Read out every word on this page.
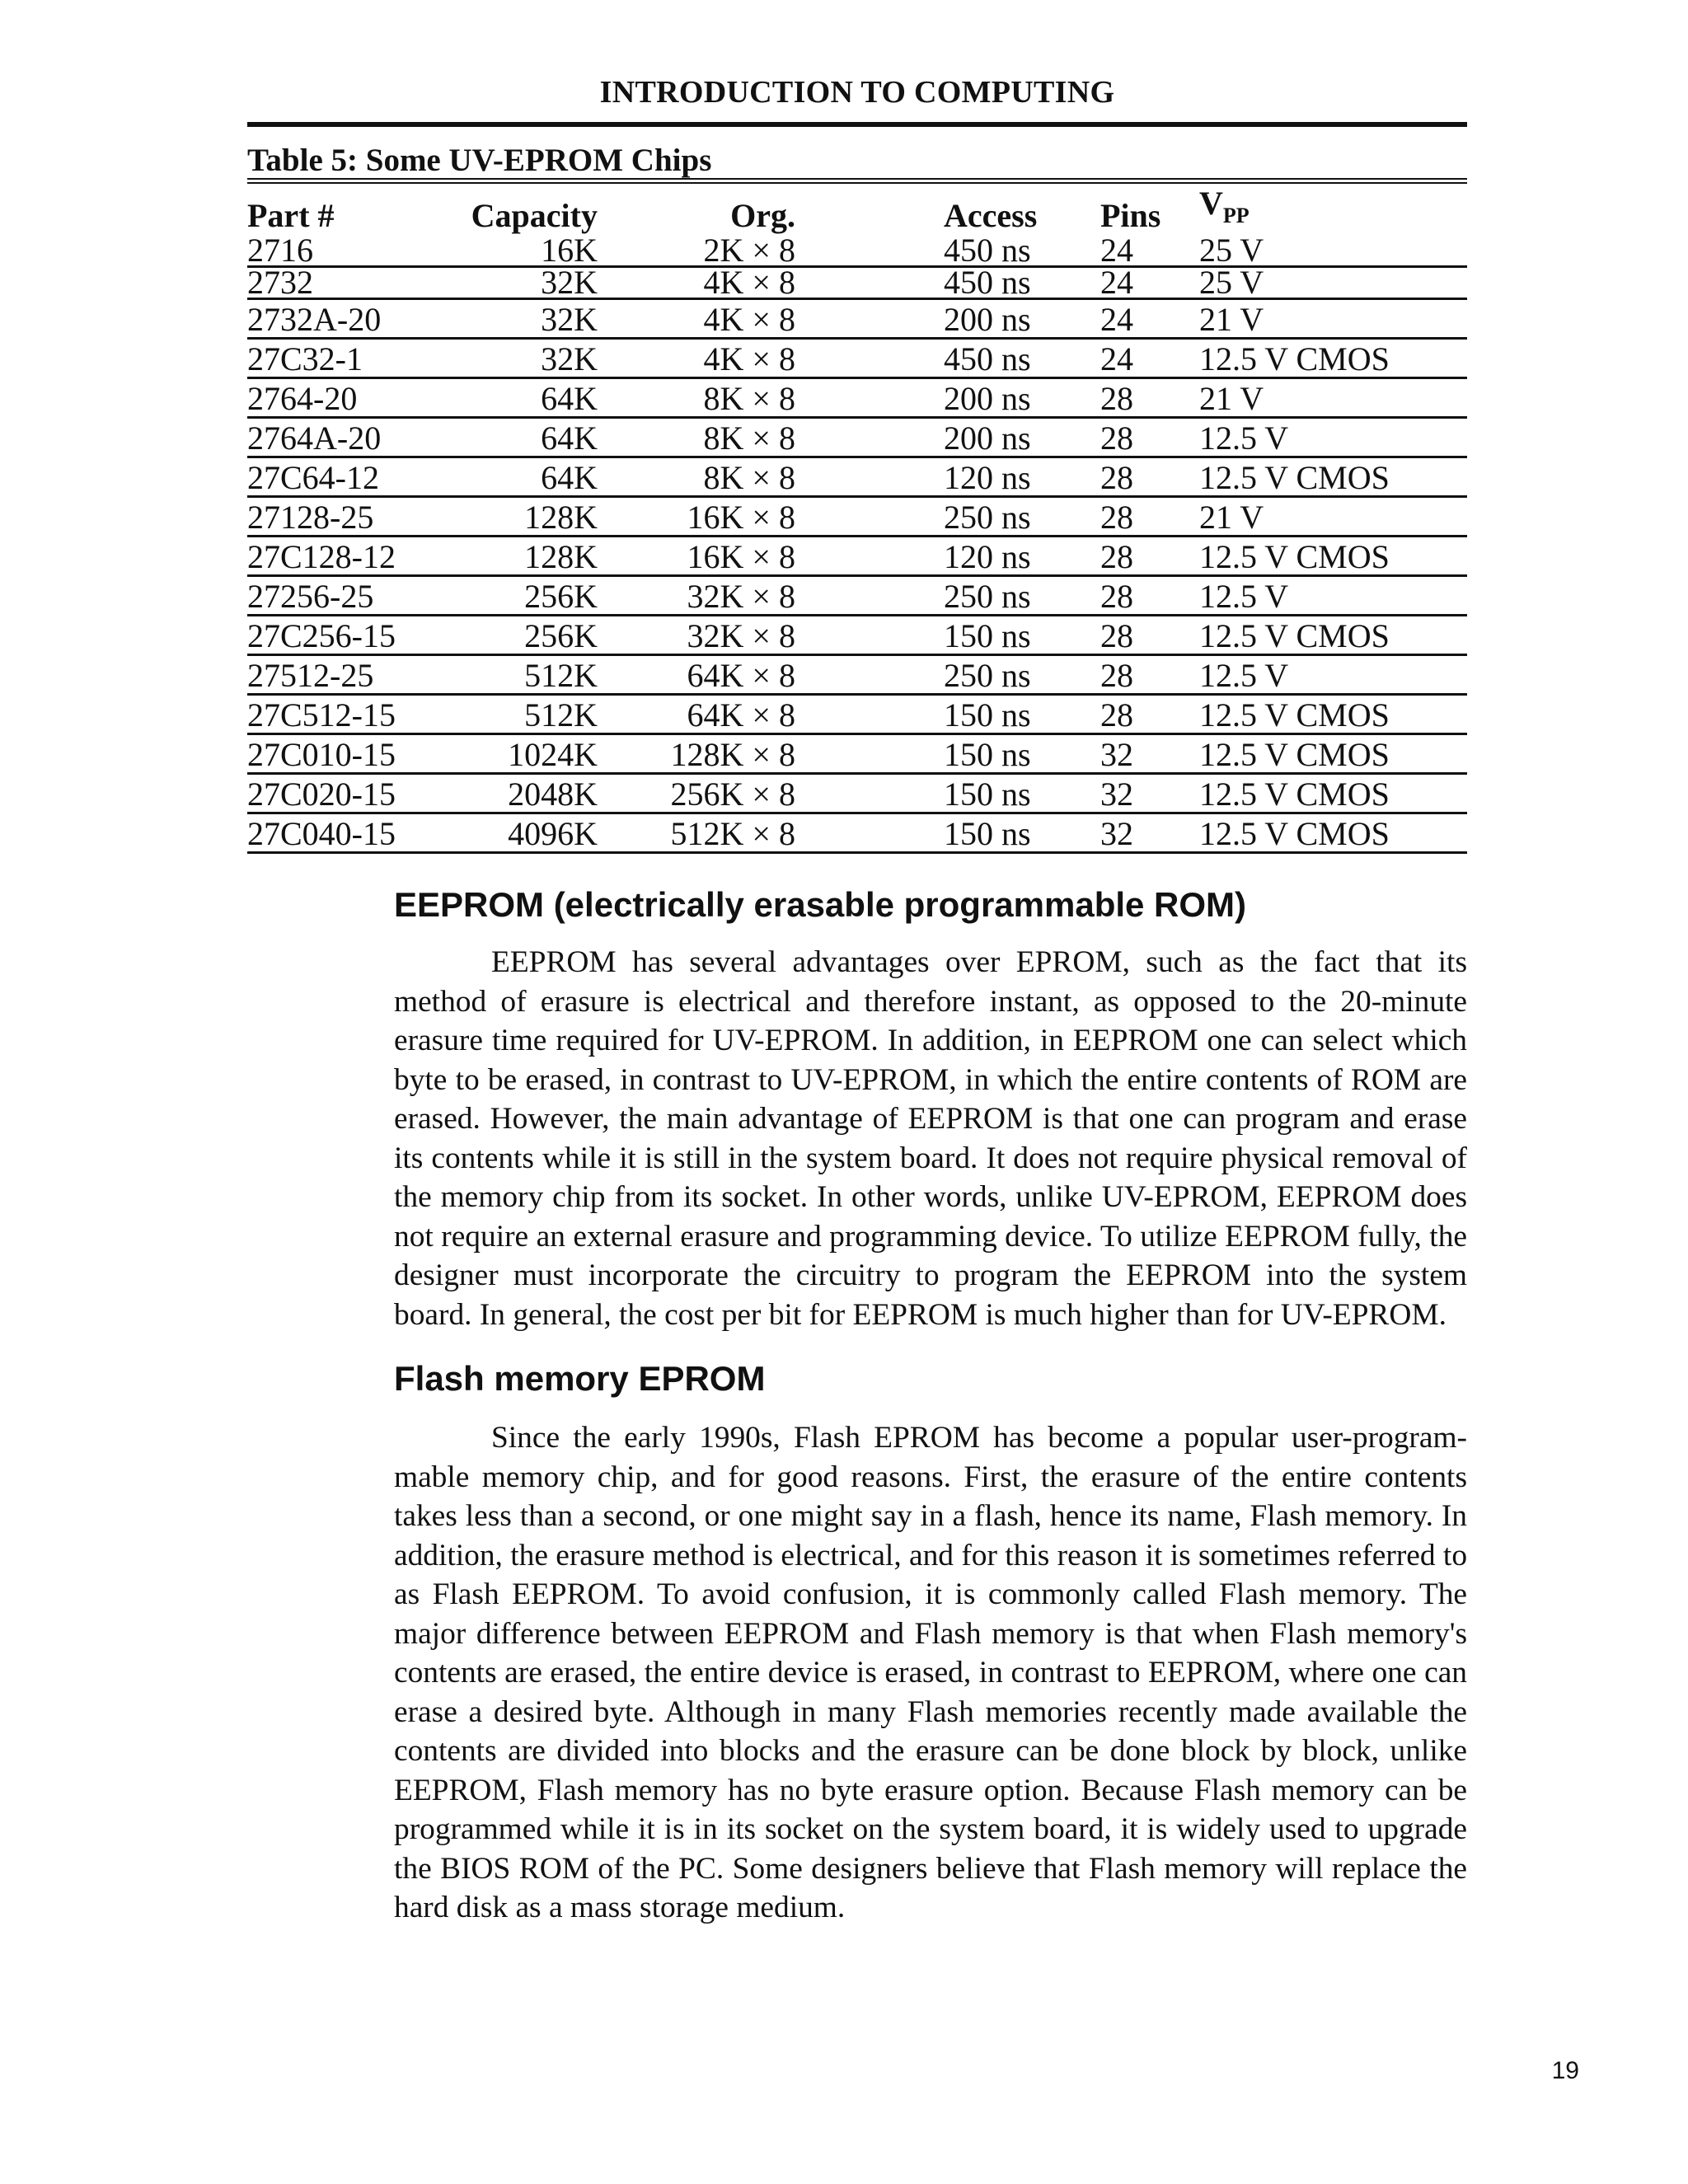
INTRODUCTION TO COMPUTING
Table 5: Some UV-EPROM Chips
Part #	Capacity	Org.		Access	Pins	$V_{PP}$
2716	16K	2K × 8		450 ns	24	25 V
2732	32K	4K × 8		450 ns	24	25 V
2732A-20	32K	4K × 8		200 ns	24	21 V
27C32-1	32K	4K × 8		450 ns	24	12.5 V CMOS
2764-20	64K	8K × 8		200 ns	28	21 V
2764A-20	64K	8K × 8		200 ns	28	12.5 V
27C64-12	64K	8K × 8		120 ns	28	12.5 V CMOS
27128-25	128K	16K × 8		250 ns	28	21 V
27C128-12	128K	16K × 8		120 ns	28	12.5 V CMOS
27256-25	256K	32K × 8		250 ns	28	12.5 V
27C256-15	256K	32K × 8		150 ns	28	12.5 V CMOS
27512-25	512K	64K × 8		250 ns	28	12.5 V
27C512-15	512K	64K × 8		150 ns	28	12.5 V CMOS
27C010-15	1024K	128K × 8		150 ns	32	12.5 V CMOS
27C020-15	2048K	256K × 8		150 ns	32	12.5 V CMOS
27C040-15	4096K	512K × 8		150 ns	32	12.5 V CMOS
EEPROM (electrically erasable programmable ROM)

EEPROM has several advantages over EPROM, such as the fact that its method of erasure is electrical and therefore instant, as opposed to the 20-minute erasure time required for UV-EPROM. In addition, in EEPROM one can select which byte to be erased, in contrast to UV-EPROM, in which the entire contents of ROM are erased. However, the main advantage of EEPROM is that one can program and erase its contents while it is still in the system board. It does not require physical removal of the memory chip from its socket. In other words, unlike UV-EPROM, EEPROM does not require an external erasure and programming device. To utilize EEPROM fully, the designer must incorporate the circuitry to program the EEPROM into the system board. In general, the cost per bit for EEPROM is much higher than for UV-EPROM.

Flash memory EPROM

Since the early 1990s, Flash EPROM has become a popular user-programmable memory chip, and for good reasons. First, the erasure of the entire contents takes less than a second, or one might say in a flash, hence its name, Flash memory. In addition, the erasure method is electrical, and for this reason it is sometimes referred to as Flash EEPROM. To avoid confusion, it is commonly called Flash memory. The major difference between EEPROM and Flash memory is that when Flash memory's contents are erased, the entire device is erased, in contrast to EEPROM, where one can erase a desired byte. Although in many Flash memories recently made available the contents are divided into blocks and the erasure can be done block by block, unlike EEPROM, Flash memory has no byte erasure option. Because Flash memory can be programmed while it is in its socket on the system board, it is widely used to upgrade the BIOS ROM of the PC. Some designers believe that Flash memory will replace the hard disk as a mass storage medium.

19
